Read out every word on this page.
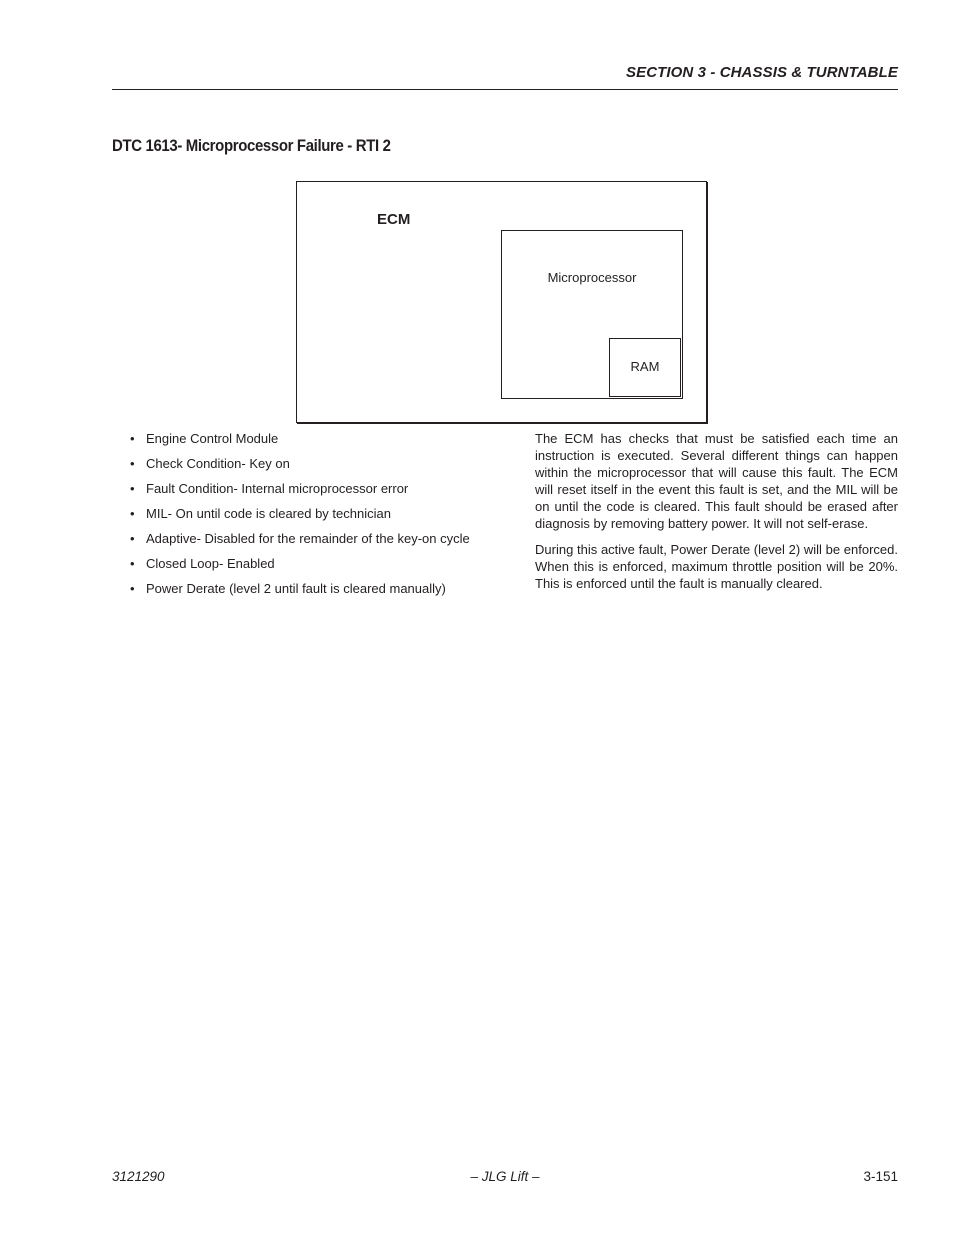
SECTION 3 - CHASSIS & TURNTABLE
DTC 1613- Microprocessor Failure - RTI 2
ECM
Microprocessor
RAM
• Engine Control Module
• Check Condition- Key on
• Fault Condition- Internal microprocessor error
• MIL- On until code is cleared by technician
• Adaptive- Disabled for the remainder of the key-on cycle
• Closed Loop- Enabled
• Power Derate (level 2 until fault is cleared manually)

The ECM has checks that must be satisfied each time an instruction is executed. Several different things can happen within the microprocessor that will cause this fault. The ECM will reset itself in the event this fault is set, and the MIL will be on until the code is cleared. This fault should be erased after diagnosis by removing battery power. It will not self-erase.

During this active fault, Power Derate (level 2) will be enforced. When this is enforced, maximum throttle position will be 20%. This is enforced until the fault is manually cleared.

3121290	– JLG Lift –	3-151
